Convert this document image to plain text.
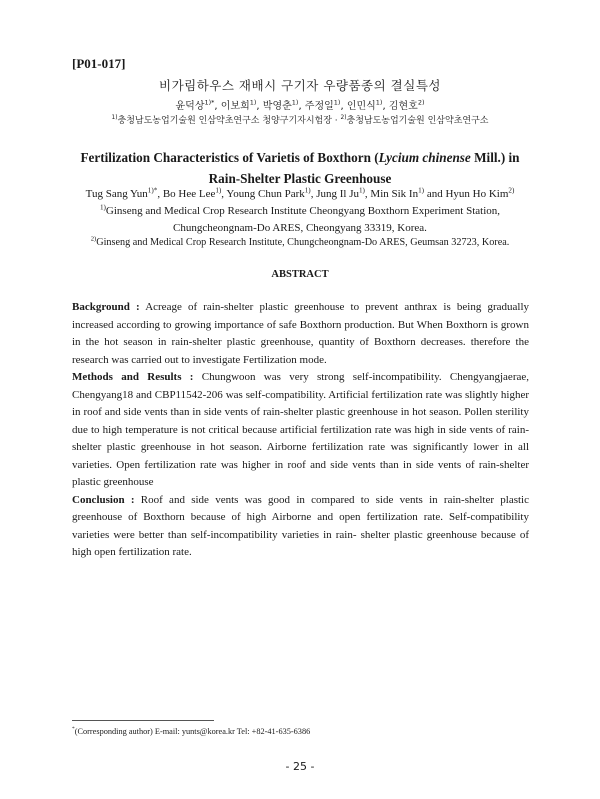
[P01-017]
비가림하우스 재배시 구기자 우량품종의 결실특성
윤덕상$^{1)*}$, 이보희$^{1)}$, 박영춘$^{1)}$, 주정일$^{1)}$, 인민식$^{1)}$, 김현호$^{2)}$
$^{1)}$충청남도농업기술원 인삼약초연구소 청양구기자시험장 · $^{2)}$충청남도농업기술원 인삼약초연구소
Fertilization Characteristics of Varietis of Boxthorn (Lycium chinense Mill.) in
Rain-Shelter Plastic Greenhouse
Tug Sang Yun$^{1)*}$, Bo Hee Lee$^{1)}$, Young Chun Park$^{1)}$, Jung Il Ju$^{1)}$, Min Sik In$^{1)}$ and Hyun Ho Kim$^{2)}$
$^{1)}$Ginseng and Medical Crop Research Institute Cheongyang Boxthorn Experiment Station,
Chungcheongnam-Do ARES, Cheongyang 33319, Korea.
$^{2)}$Ginseng and Medical Crop Research Institute, Chungcheongnam-Do ARES, Geumsan 32723, Korea.
ABSTRACT

Background : Acreage of rain-shelter plastic greenhouse to prevent anthrax is being gradually increased according to growing importance of safe Boxthorn production. But When Boxthorn is grown in the hot season in rain-shelter plastic greenhouse, quantity of Boxthorn decreases. therefore the research was carried out to investigate Fertilization mode.

Methods and Results : Chungwoon was very strong self-incompatibility. Chengyangjaerae, Chengyang18 and CBP11542-206 was self-compatibility. Artificial fertilization rate was slightly higher in roof and side vents than in side vents of rain-shelter plastic greenhouse in hot season. Pollen sterility due to high temperature is not critical because artificial fertilization rate was high in side vents of rain-shelter plastic greenhouse in hot season. Airborne fertilization rate was significantly lower in all varieties. Open fertilization rate was higher in roof and side vents than in side vents of rain-shelter plastic greenhouse

Conclusion : Roof and side vents was good in compared to side vents in rain-shelter plastic greenhouse of Boxthorn because of high Airborne and open fertilization rate. Self-compatibility varieties were better than self-incompatibility varieties in rain- shelter plastic greenhouse because of high open fertilization rate.

*(Corresponding author) E-mail: yunts@korea.kr Tel: +82-41-635-6386
- 25 -
